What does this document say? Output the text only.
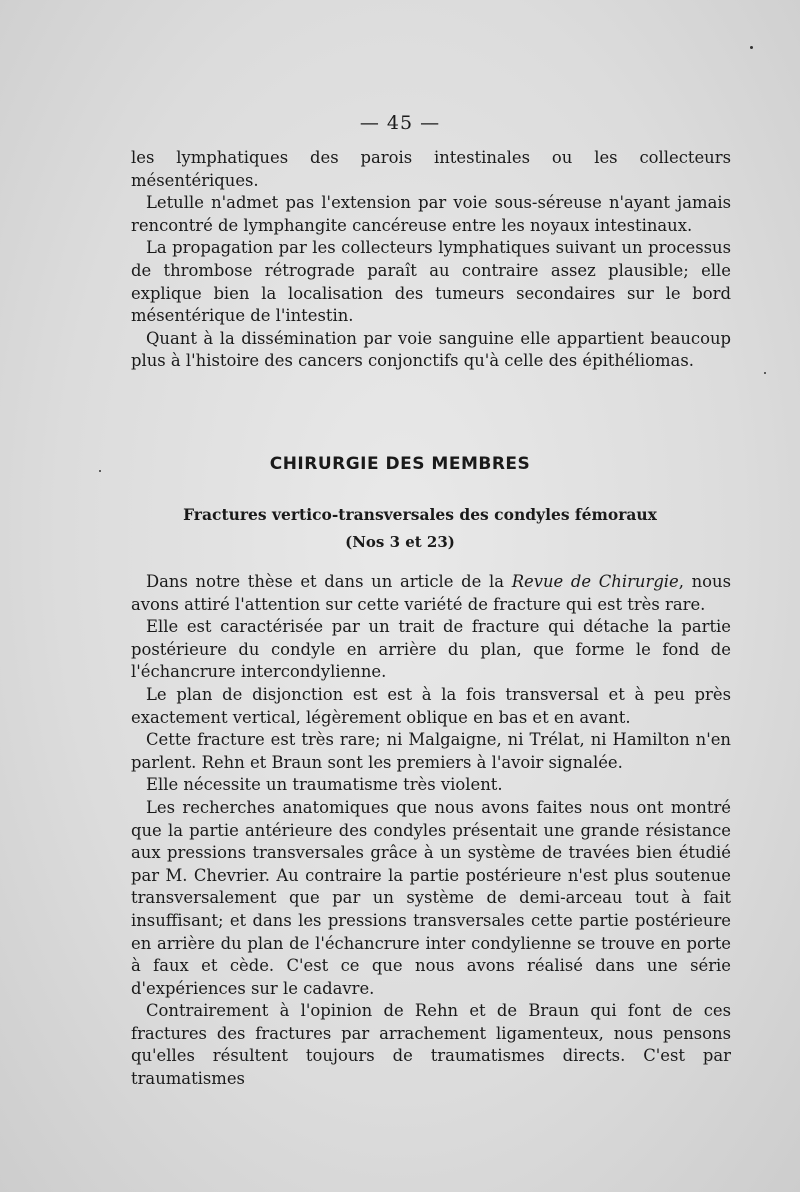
— 45 —

les lymphatiques des parois intestinales ou les collecteurs mésentériques.

Letulle n'admet pas l'extension par voie sous-séreuse n'ayant jamais rencontré de lymphangite cancéreuse entre les noyaux intestinaux.

La propagation par les collecteurs lymphatiques suivant un processus de thrombose rétrograde paraît au contraire assez plausible; elle explique bien la localisation des tumeurs secondaires sur le bord mésentérique de l'intestin.

Quant à la dissémination par voie sanguine elle appartient beaucoup plus à l'histoire des cancers conjonctifs qu'à celle des épithéliomas.

CHIRURGIE DES MEMBRES
Fractures vertico-transversales des condyles fémoraux
(Nos 3 et 23)

Dans notre thèse et dans un article de la Revue de Chirurgie, nous avons attiré l'attention sur cette variété de fracture qui est très rare.

Elle est caractérisée par un trait de fracture qui détache la partie postérieure du condyle en arrière du plan, que forme le fond de l'échancrure intercondylienne.

Le plan de disjonction est est à la fois transversal et à peu près exactement vertical, légèrement oblique en bas et en avant.

Cette fracture est très rare; ni Malgaigne, ni Trélat, ni Hamilton n'en parlent. Rehn et Braun sont les premiers à l'avoir signalée.

Elle nécessite un traumatisme très violent.

Les recherches anatomiques que nous avons faites nous ont montré que la partie antérieure des condyles présentait une grande résistance aux pressions transversales grâce à un système de travées bien étudié par M. Chevrier. Au contraire la partie postérieure n'est plus soutenue transversalement que par un système de demi-arceau tout à fait insuffisant; et dans les pressions transversales cette partie postérieure en arrière du plan de l'échancrure inter condylienne se trouve en porte à faux et cède. C'est ce que nous avons réalisé dans une série d'expériences sur le cadavre.

Contrairement à l'opinion de Rehn et de Braun qui font de ces fractures des fractures par arrachement ligamenteux, nous pensons qu'elles résultent toujours de traumatismes directs. C'est par traumatismes
